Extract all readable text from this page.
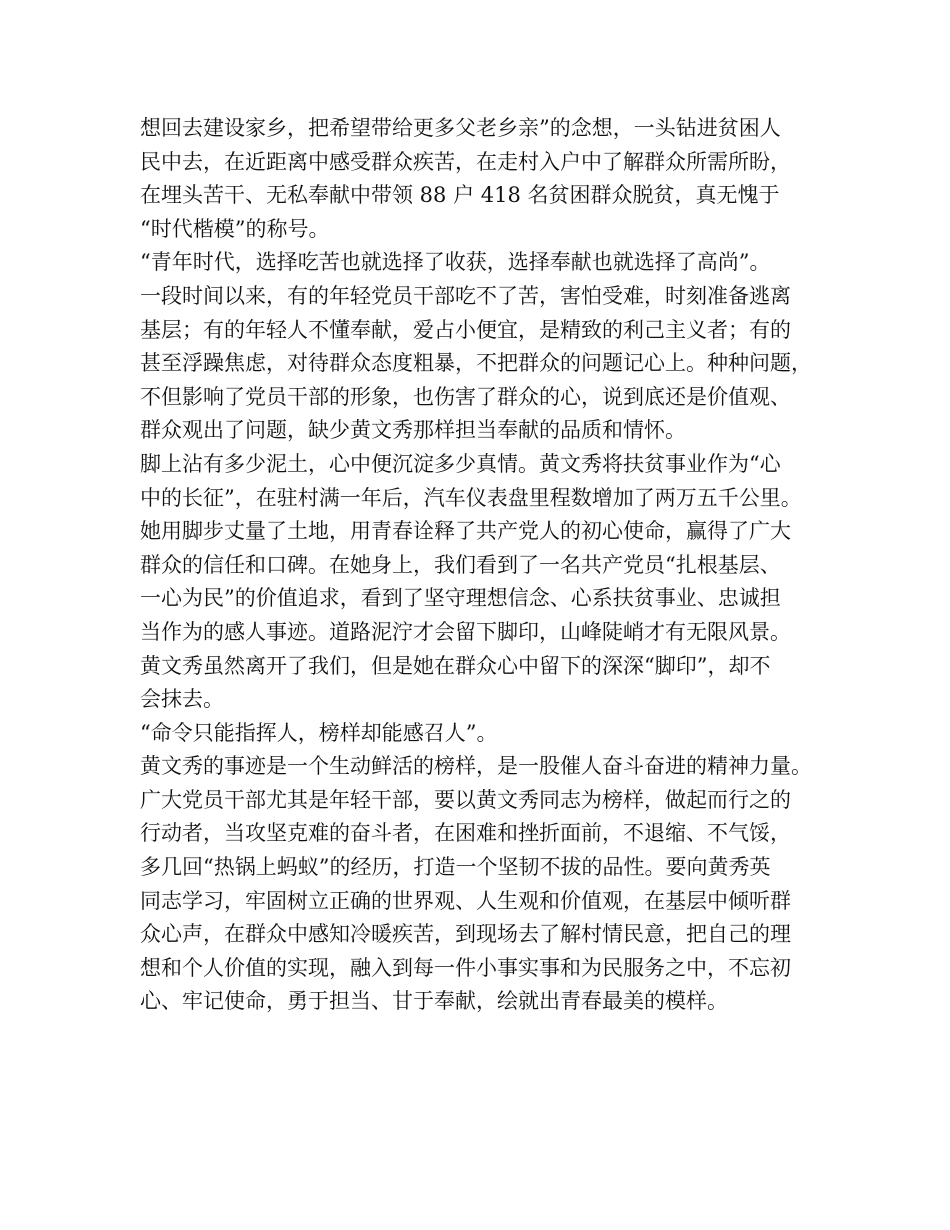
想回去建设家乡，把希望带给更多父老乡亲”的念想，一头钻进贫困人
民中去，在近距离中感受群众疾苦，在走村入户中了解群众所需所盼，
在埋头苦干、无私奉献中带领 88 户 418 名贫困群众脱贫，真无愧于
“时代楷模”的称号。
“青年时代，选择吃苦也就选择了收获，选择奉献也就选择了高尚”。
一段时间以来，有的年轻党员干部吃不了苦，害怕受难，时刻准备逃离
基层；有的年轻人不懂奉献，爱占小便宜，是精致的利己主义者；有的
甚至浮躁焦虑，对待群众态度粗暴，不把群众的问题记心上。种种问题，
不但影响了党员干部的形象，也伤害了群众的心，说到底还是价值观、
群众观出了问题，缺少黄文秀那样担当奉献的品质和情怀。
脚上沾有多少泥土，心中便沉淀多少真情。黄文秀将扶贫事业作为“心
中的长征”，在驻村满一年后，汽车仪表盘里程数增加了两万五千公里。
她用脚步丈量了土地，用青春诠释了共产党人的初心使命，赢得了广大
群众的信任和口碑。在她身上，我们看到了一名共产党员“扎根基层、
一心为民”的价值追求，看到了坚守理想信念、心系扶贫事业、忠诚担
当作为的感人事迹。道路泥泞才会留下脚印，山峰陡峭才有无限风景。
黄文秀虽然离开了我们，但是她在群众心中留下的深深“脚印”，却不
会抹去。
“命令只能指挥人，榜样却能感召人”。
黄文秀的事迹是一个生动鲜活的榜样，是一股催人奋斗奋进的精神力量。
广大党员干部尤其是年轻干部，要以黄文秀同志为榜样，做起而行之的
行动者，当攻坚克难的奋斗者，在困难和挫折面前，不退缩、不气馁，
多几回“热锅上蚂蚁”的经历，打造一个坚韧不拔的品性。要向黄秀英
同志学习，牢固树立正确的世界观、人生观和价值观，在基层中倾听群
众心声，在群众中感知冷暖疾苦，到现场去了解村情民意，把自己的理
想和个人价值的实现，融入到每一件小事实事和为民服务之中，不忘初
心、牢记使命，勇于担当、甘于奉献，绘就出青春最美的模样。
